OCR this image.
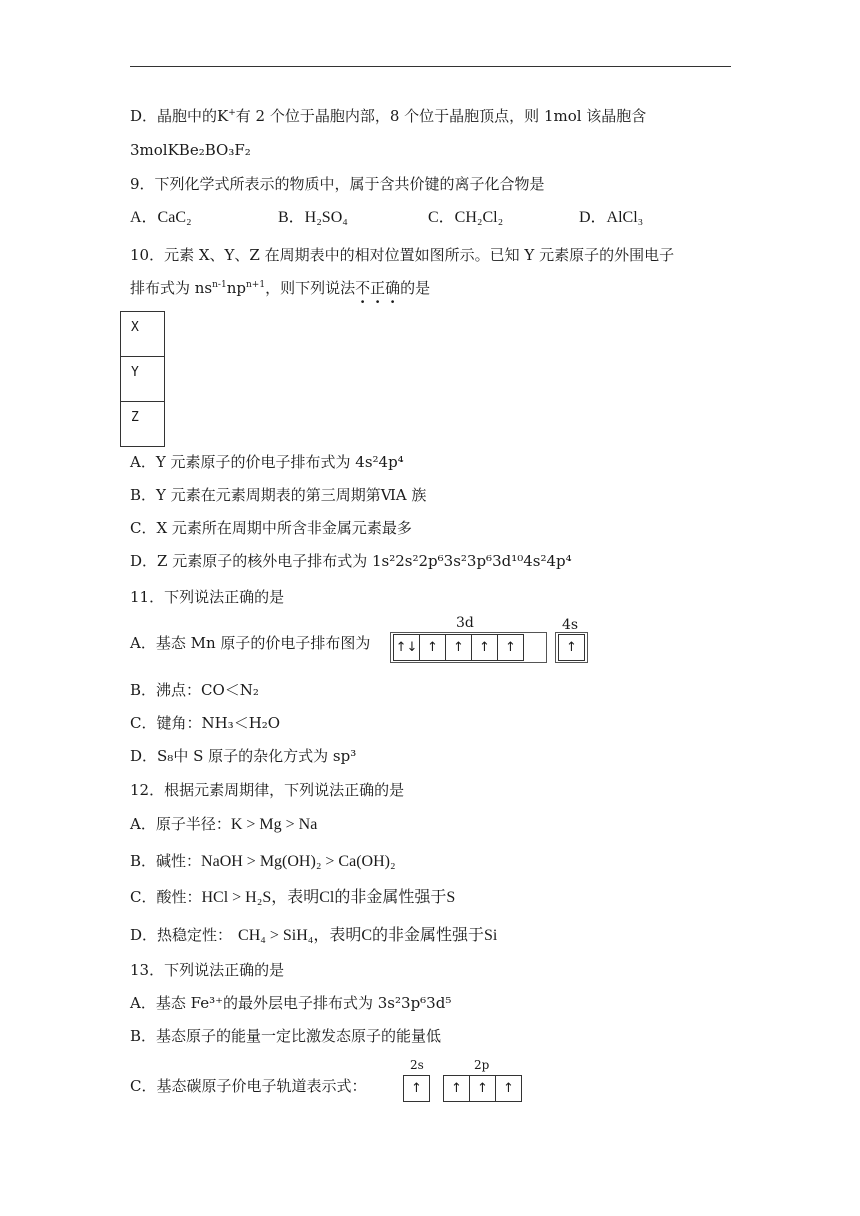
D．晶胞中的K+有 2 个位于晶胞内部，8 个位于晶胞顶点，则 1mol 该晶胞含
3molKBe₂BO₃F₂
9．下列化学式所表示的物质中，属于含共价键的离子化合物是
A．CaC₂	B．H₂SO₄	C．CH₂Cl₂	D．AlCl₃
10．元素 X、Y、Z 在周期表中的相对位置如图所示。已知 Y 元素原子的外围电子
排布式为 $ns^{n-1}np^{n+1}$，则下列说法不正确的是
X
Y
Z
A．Y 元素原子的价电子排布式为 4s²4p⁴
B．Y 元素在元素周期表的第三周期第ⅥA 族
C．X 元素所在周期中所含非金属元素最多
D．Z 元素原子的核外电子排布式为 1s²2s²2p⁶3s²3p⁶3d¹⁰4s²4p⁴
11．下列说法正确的是
A．基态 Mn 原子的价电子排布图为
3d	4s
↑↓ ↑	↑	↑	↑	↑
B．沸点：CO＜N₂
C．键角：NH₃＜H₂O
D．S₈中 S 原子的杂化方式为 sp³
12．根据元素周期律，下列说法正确的是
A．原子半径：K > Mg > Na
B．碱性：NaOH > Mg(OH)₂ > Ca(OH)₂
C．酸性：HCl > H₂S，表明Cl的非金属性强于S
D．热稳定性： CH₄ > SiH₄，表明C的非金属性强于Si
13．下列说法正确的是
A．基态 Fe³⁺的最外层电子排布式为 3s²3p⁶3d⁵
B．基态原子的能量一定比激发态原子的能量低
C．基态碳原子价电子轨道表示式：
2s	2p
↑	↑	↑	↑
